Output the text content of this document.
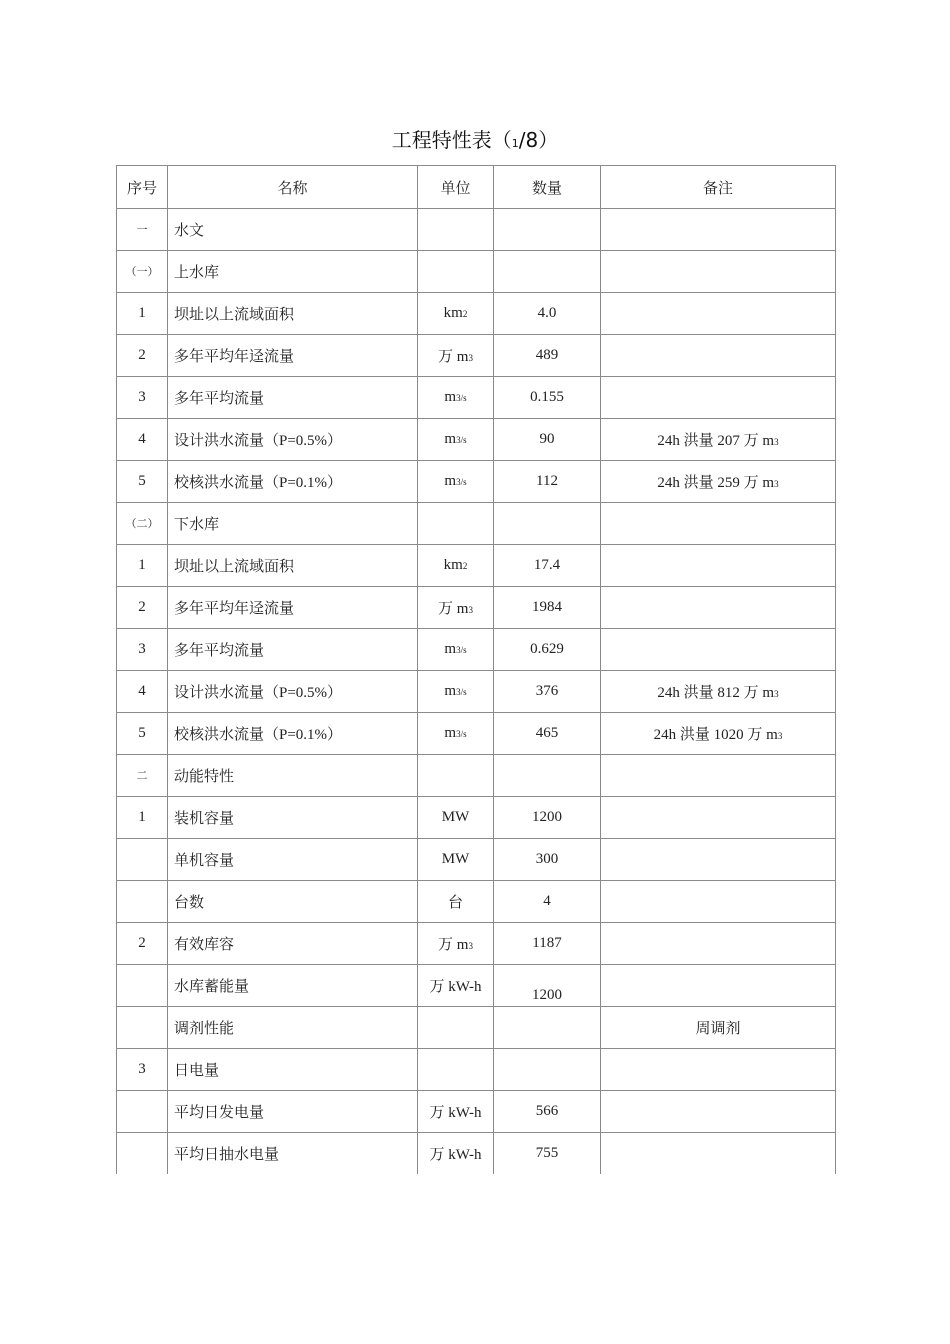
工程特性表（1/8）
序号	名称	单位	数量	备注
一	水文			
（一）	上水库			
1	坝址以上流域面积	km2	4.0	
2	多年平均年迳流量	万 m3	489	
3	多年平均流量	m3/s	0.155	
4	设计洪水流量（P=0.5%）	m3/s	90	24h 洪量 207 万 m3
5	校核洪水流量（P=0.1%）	m3/s	112	24h 洪量 259 万 m3
（二）	下水库			
1	坝址以上流域面积	km2	17.4	
2	多年平均年迳流量	万 m3	1984	
3	多年平均流量	m3/s	0.629	
4	设计洪水流量（P=0.5%）	m3/s	376	24h 洪量 812 万 m3
5	校核洪水流量（P=0.1%）	m3/s	465	24h 洪量 1020 万 m3
二	动能特性			
1	装机容量	MW	1200	
	单机容量	MW	300	
	台数	台	4	
2	有效库容	万 m3	1187	
	水库蓄能量	万 kW-h	1200	
	调剂性能			周调剂
3	日电量			
	平均日发电量	万 kW-h	566	
	平均日抽水电量	万 kW-h	755	
